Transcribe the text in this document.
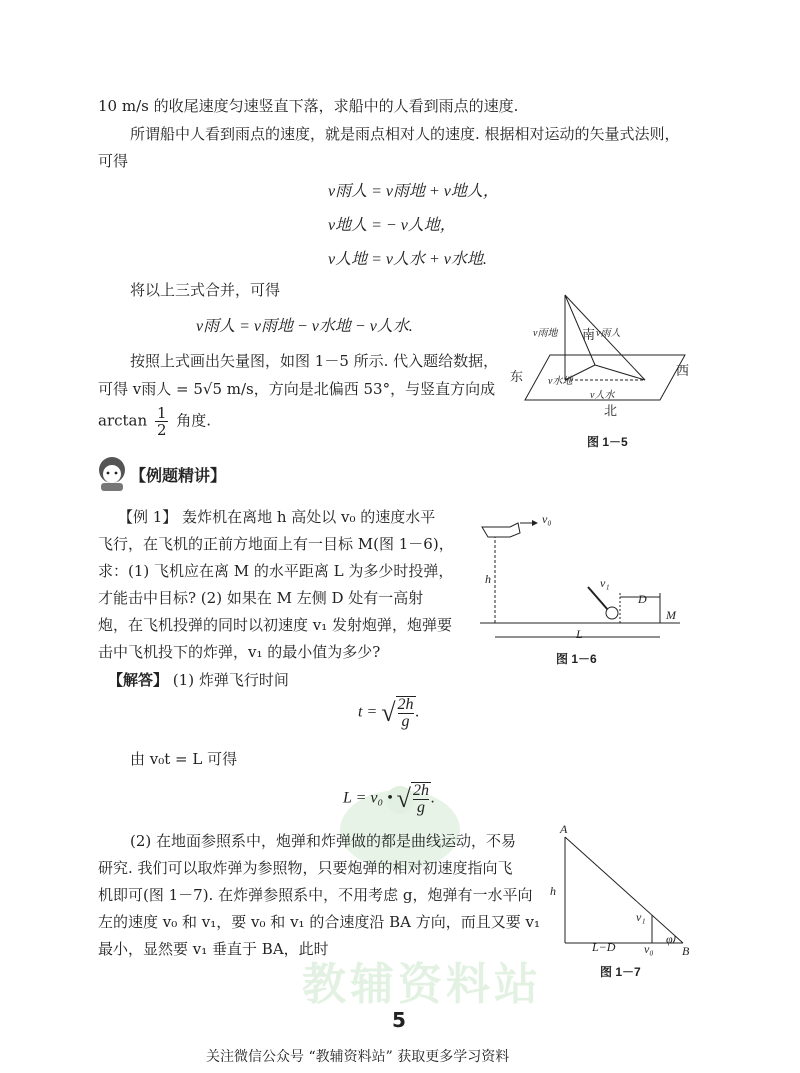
教辅资料站
10 m/s 的收尾速度匀速竖直下落，求船中的人看到雨点的速度.
所谓船中人看到雨点的速度，就是雨点相对人的速度. 根据相对运动的矢量式法则，
可得
v雨人 = v雨地 + v地人，
v地人 = − v人地，
v人地 = v人水 + v水地.
将以上三式合并，可得
v雨人 = v雨地 − v水地 − v人水.
按照上式画出矢量图，如图 1－5 所示. 代入题给数据，
可得 v雨人 = 5√5 m/s，方向是北偏西 53°，与竖直方向成
$\arctan \frac{1}{2}$ 角度.
v雨地	v雨人
南
v水地
v人水
东	西
北
图 1－5
【例题精讲】
【例 1】 轰炸机在离地 h 高处以 v₀ 的速度水平
飞行，在飞机的正前方地面上有一目标 M(图 1－6)，
求：(1) 飞机应在离 M 的水平距离 L 为多少时投弹，
才能击中目标? (2) 如果在 M 左侧 D 处有一高射
炮，在飞机投弹的同时以初速度 v₁ 发射炮弹，炮弹要
击中飞机投下的炸弹，v₁ 的最小值为多少?
v₀
h	v₁
D
M
L
图 1－6
【解答】 (1) 炸弹飞行时间
t = √ $\frac{2h}{g}$ .
由 v₀t = L 可得
L = v₀ • √ $\frac{2h}{g}$ .
(2) 在地面参照系中，炮弹和炸弹做的都是曲线运动，不易
研究. 我们可以取炸弹为参照物，只要炮弹的相对初速度指向飞
机即可(图 1－7). 在炸弹参照系中，不用考虑 g，炮弹有一水平向
左的速度 v₀ 和 v₁，要 v₀ 和 v₁ 的合速度沿 BA 方向，而且又要 v₁
最小，显然要 v₁ 垂直于 BA，此时
A
h
v₁
L−D v₀
φ
B
图 1－7
5
关注微信公众号 “教辅资料站” 获取更多学习资料
